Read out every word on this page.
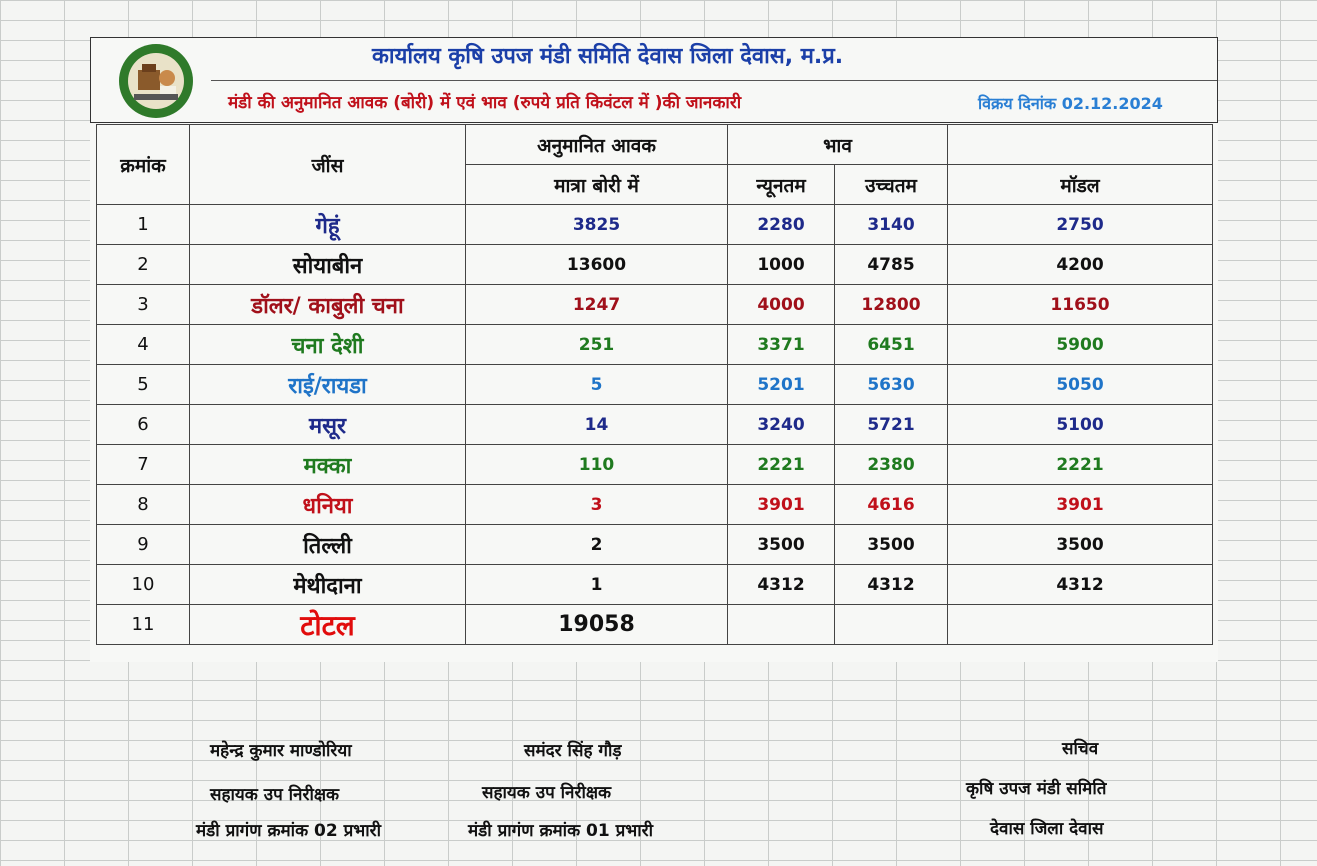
कार्यालय कृषि उपज मंडी समिति देवास जिला देवास, म.प्र.
मंडी की अनुमानित आवक (बोरी) में एवं भाव (रुपये प्रति किवंटल में )की जानकारी	विक्रय दिनांक 02.12.2024
क्रमांक	जींस	अनुमानित आवक	भाव		
		मात्रा बोरी में	न्यूनतम	उच्चतम	मॉडल
1	गेहूं	3825	2280	3140	2750
2	सोयाबीन	13600	1000	4785	4200
3	डॉलर/ काबुली चना	1247	4000	12800	11650
4	चना देशी	251	3371	6451	5900
5	राई/रायडा	5	5201	5630	5050
6	मसूर	14	3240	5721	5100
7	मक्का	110	2221	2380	2221
8	धनिया	3	3901	4616	3901
9	तिल्ली	2	3500	3500	3500
10	मेथीदाना	1	4312	4312	4312
11	टोटल	19058			
महेन्द्र कुमार माण्डोरिया
सहायक उप निरीक्षक
मंडी प्रागंण क्रमांक 02 प्रभारी
समंदर सिंह गौड़
सहायक उप निरीक्षक
मंडी प्रागंण क्रमांक 01 प्रभारी
सचिव
कृषि उपज मंडी समिति
देवास जिला देवास
